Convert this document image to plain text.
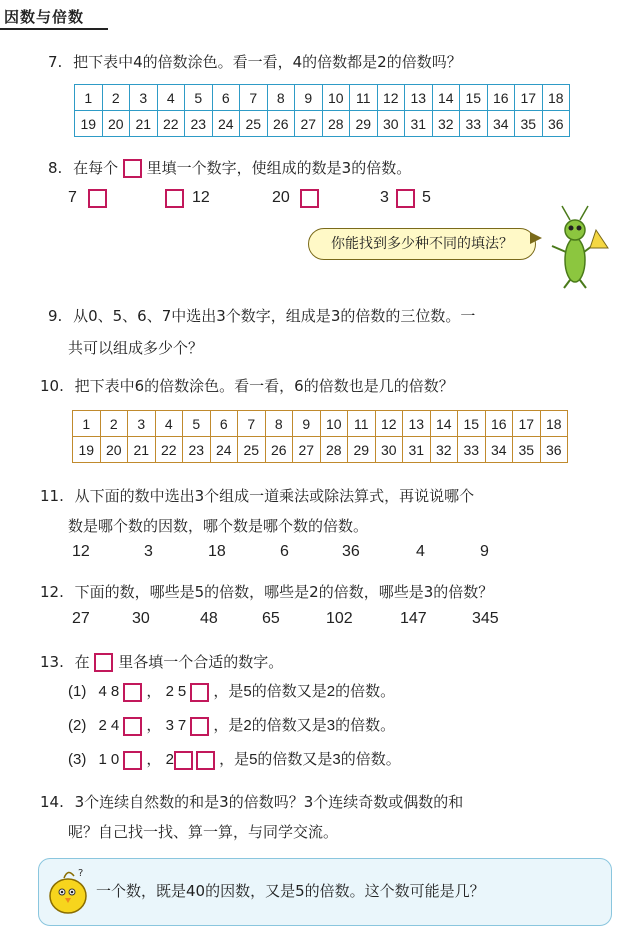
因数与倍数
7. 把下表中4的倍数涂色。看一看，4的倍数都是2的倍数吗？
1	2	3	4	5	6	7	8	9	10	11	12	13	14	15	16	17	18
19	20	21	22	23	24	25	26	27	28	29	30	31	32	33	34	35	36
8. 在每个 里填一个数字，使组成的数是3的倍数。
7	12	20	3 5
你能找到多少种不同的填法？
9. 从0、5、6、7中选出3个数字，组成是3的倍数的三位数。一
共可以组成多少个？
10. 把下表中6的倍数涂色。看一看，6的倍数也是几的倍数？
1	2	3	4	5	6	7	8	9	10	11	12	13	14	15	16	17	18
19	20	21	22	23	24	25	26	27	28	29	30	31	32	33	34	35	36
11. 从下面的数中选出3个组成一道乘法或除法算式，再说说哪个
数是哪个数的因数，哪个数是哪个数的倍数。
12	3	18	6	36	4	9
12. 下面的数，哪些是5的倍数，哪些是2的倍数，哪些是3的倍数？
27	30	48	65	102	147	345
13. 在 里各填一个合适的数字。
(1) 48 ， 25 ，是5的倍数又是2的倍数。
(2) 24 ， 37 ，是2的倍数又是3的倍数。
(3) 10 ， 2	，是5的倍数又是3的倍数。
14. 3个连续自然数的和是3的倍数吗？3个连续奇数或偶数的和
呢？自己找一找、算一算，与同学交流。
?
一个数，既是40的因数，又是5的倍数。这个数可能是几？
